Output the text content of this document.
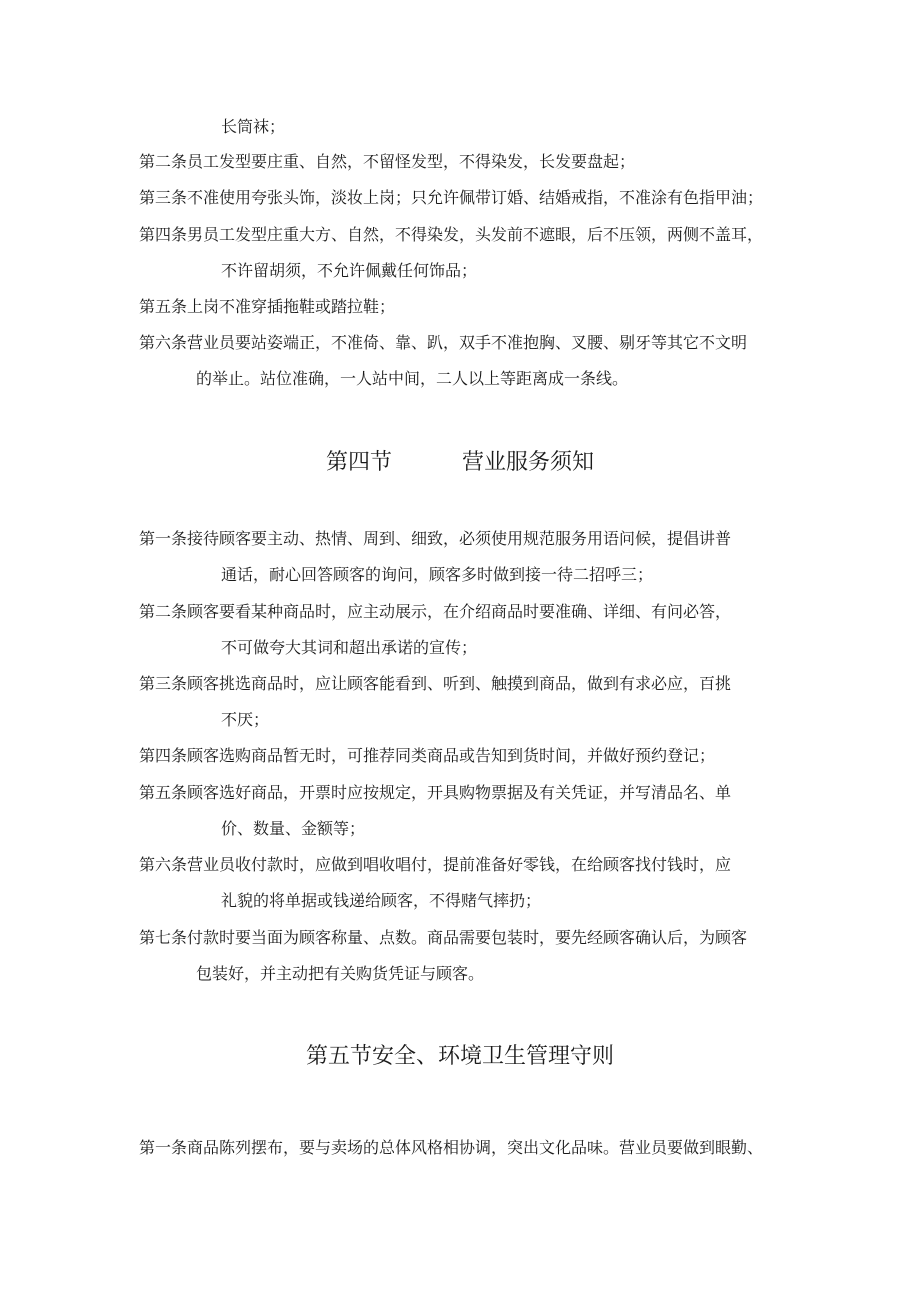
长筒袜；
第二条员工发型要庄重、自然，不留怪发型，不得染发，长发要盘起；
第三条不准使用夸张头饰，淡妆上岗；只允许佩带订婚、结婚戒指，不准涂有色指甲油；
第四条男员工发型庄重大方、自然，不得染发，头发前不遮眼，后不压领，两侧不盖耳，
不许留胡须，不允许佩戴任何饰品；
第五条上岗不准穿插拖鞋或踏拉鞋；
第六条营业员要站姿端正，不准倚、靠、趴，双手不准抱胸、叉腰、剔牙等其它不文明
的举止。站位准确，一人站中间，二人以上等距离成一条线。
第四节          营业服务须知
第一条接待顾客要主动、热情、周到、细致，必须使用规范服务用语问候，提倡讲普
通话，耐心回答顾客的询问，顾客多时做到接一待二招呼三；
第二条顾客要看某种商品时，应主动展示，在介绍商品时要准确、详细、有问必答，
不可做夸大其词和超出承诺的宣传；
第三条顾客挑选商品时，应让顾客能看到、听到、触摸到商品，做到有求必应，百挑
不厌；
第四条顾客选购商品暂无时，可推荐同类商品或告知到货时间，并做好预约登记；
第五条顾客选好商品，开票时应按规定，开具购物票据及有关凭证，并写清品名、单
价、数量、金额等；
第六条营业员收付款时，应做到唱收唱付，提前准备好零钱，在给顾客找付钱时，应
礼貌的将单据或钱递给顾客，不得赌气摔扔；
第七条付款时要当面为顾客称量、点数。商品需要包装时，要先经顾客确认后，为顾客
包装好，并主动把有关购货凭证与顾客。
第五节安全、环境卫生管理守则
第一条商品陈列摆布，要与卖场的总体风格相协调，突出文化品味。营业员要做到眼勤、
